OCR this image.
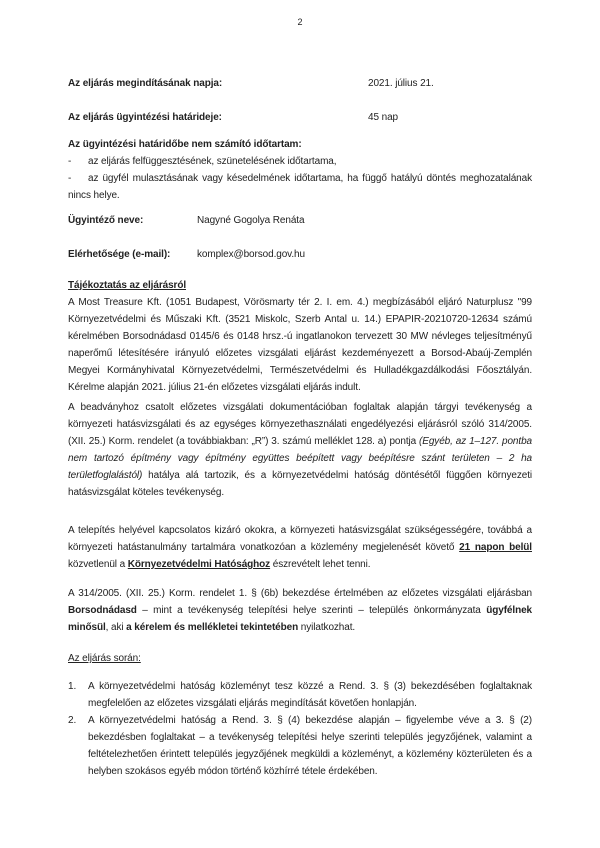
2
Az eljárás megindításának napja:	2021. július 21.
Az eljárás ügyintézési határideje:	45 nap
Az ügyintézési határidőbe nem számító időtartam:

- az eljárás felfüggesztésének, szünetelésének időtartama,

- az ügyfél mulasztásának vagy késedelmének időtartama, ha függő hatályú döntés meghozatalának nincs helye.

Ügyintéző neve:	Nagyné Gogolya Renáta
Elérhetősége (e-mail):	komplex@borsod.gov.hu
Tájékoztatás az eljárásról

A Most Treasure Kft. (1051 Budapest, Vörösmarty tér 2. I. em. 4.) megbízásából eljáró Naturplusz "99 Környezetvédelmi és Műszaki Kft. (3521 Miskolc, Szerb Antal u. 14.) EPAPIR-20210720-12634 számú kérelmében Borsodnádasd 0145/6 és 0148 hrsz.-ú ingatlanokon tervezett 30 MW névleges teljesítményű naperőmű létesítésére irányuló előzetes vizsgálati eljárást kezdeményezett a Borsod-Abaúj-Zemplén Megyei Kormányhivatal Környezetvédelmi, Természetvédelmi és Hulladékgazdálkodási Főosztályán. Kérelme alapján 2021. július 21-én előzetes vizsgálati eljárás indult.

A beadványhoz csatolt előzetes vizsgálati dokumentációban foglaltak alapján tárgyi tevékenység a környezeti hatásvizsgálati és az egységes környezethasználati engedélyezési eljárásról szóló 314/2005. (XII. 25.) Korm. rendelet (a továbbiakban: „R”) 3. számú melléklet 128. a) pontja (Egyéb, az 1–127. pontba nem tartozó építmény vagy építmény együttes beépített vagy beépítésre szánt területen – 2 ha területfoglalástól) hatálya alá tartozik, és a környezetvédelmi hatóság döntésétől függően környezeti hatásvizsgálat köteles tevékenység.

A telepítés helyével kapcsolatos kizáró okokra, a környezeti hatásvizsgálat szükségességére, továbbá a környezeti hatástanulmány tartalmára vonatkozóan a közlemény megjelenését követő 21 napon belül közvetlenül a Környezetvédelmi Hatósághoz észrevételt lehet tenni.

A 314/2005. (XII. 25.) Korm. rendelet 1. § (6b) bekezdése értelmében az előzetes vizsgálati eljárásban Borsodnádasd – mint a tevékenység telepítési helye szerinti – település önkormányzata ügyfélnek minősül, aki a kérelem és mellékletei tekintetében nyilatkozhat.

Az eljárás során:
1.	A környezetvédelmi hatóság közleményt tesz közzé a Rend. 3. § (3) bekezdésében foglaltaknak megfelelően az előzetes vizsgálati eljárás megindítását követően honlapján.
2.	A környezetvédelmi hatóság a Rend. 3. § (4) bekezdése alapján – figyelembe véve a 3. § (2) bekezdésben foglaltakat – a tevékenység telepítési helye szerinti település jegyzőjének, valamint a feltételezhetően érintett település jegyzőjének megküldi a közleményt, a közlemény közterületen és a helyben szokásos egyéb módon történő közhírré tétele érdekében.
